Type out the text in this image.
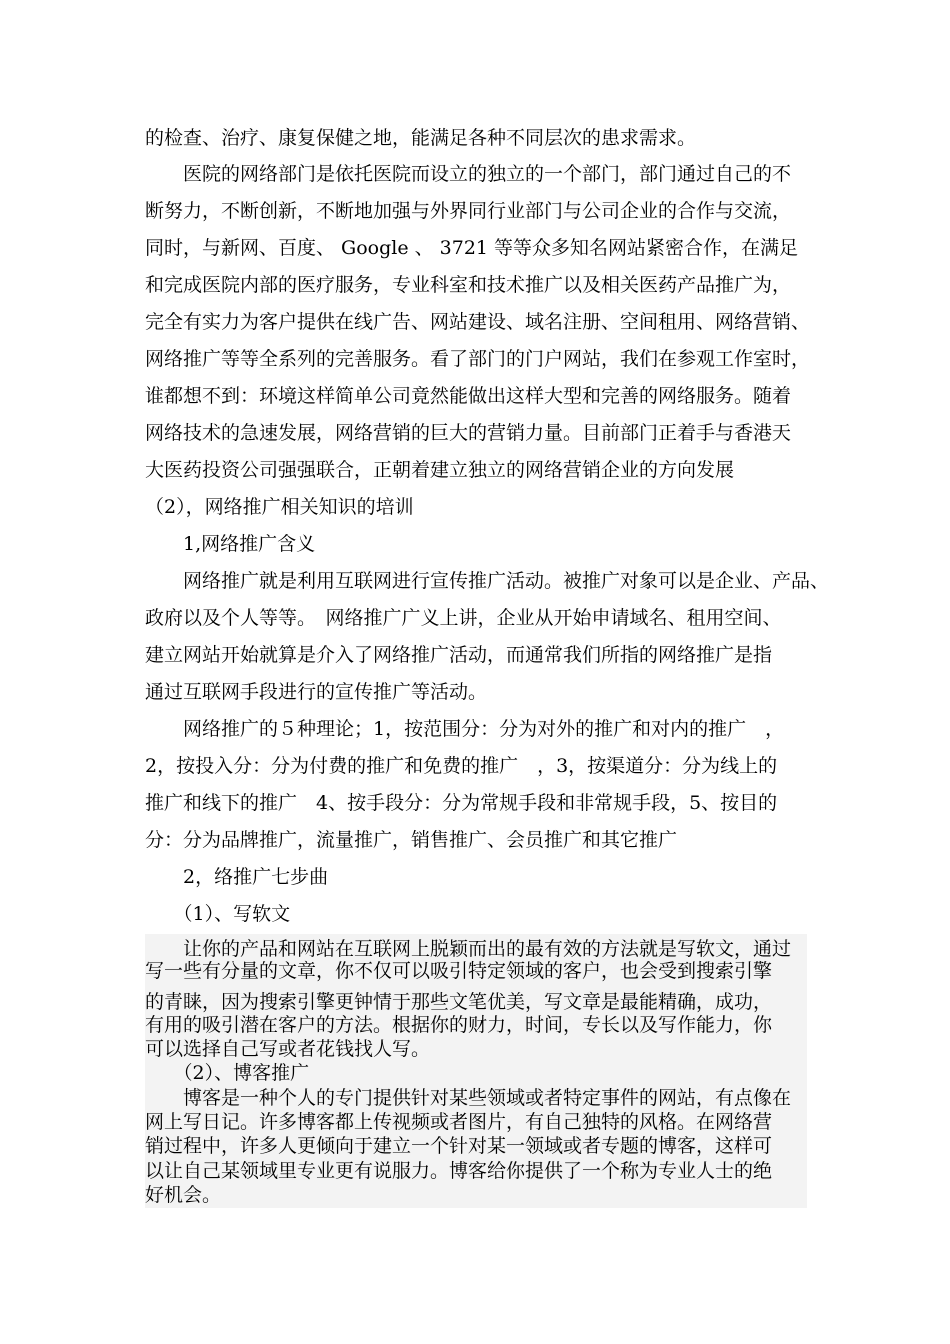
的检查、治疗、康复保健之地，能满足各种不同层次的患求需求。
　　医院的网络部门是依托医院而设立的独立的一个部门，部门通过自己的不
断努力，不断创新，不断地加强与外界同行业部门与公司企业的合作与交流，
同时，与新网、百度、 Google 、 3721 等等众多知名网站紧密合作，在满足
和完成医院内部的医疗服务，专业科室和技术推广以及相关医药产品推广为，
完全有实力为客户提供在线广告、网站建设、域名注册、空间租用、网络营销、
网络推广等等全系列的完善服务。看了部门的门户网站，我们在参观工作室时，
谁都想不到：环境这样简单公司竟然能做出这样大型和完善的网络服务。随着
网络技术的急速发展，网络营销的巨大的营销力量。目前部门正着手与香港天
大医药投资公司强强联合，正朝着建立独立的网络营销企业的方向发展
（2），网络推广相关知识的培训
　　1,网络推广含义
　　网络推广就是利用互联网进行宣传推广活动。被推广对象可以是企业、产品、
政府以及个人等等。　网络推广广义上讲，企业从开始申请域名、租用空间、
建立网站开始就算是介入了网络推广活动，而通常我们所指的网络推广是指
通过互联网手段进行的宣传推广等活动。
　　网络推广的５种理论；1，按范围分：分为对外的推广和对内的推广　，
2，按投入分：分为付费的推广和免费的推广　，3，按渠道分：分为线上的
推广和线下的推广　4、按手段分：分为常规手段和非常规手段，5、按目的
分：分为品牌推广，流量推广，销售推广、会员推广和其它推广
　　2，络推广七步曲
　　（1）、写软文
　　让你的产品和网站在互联网上脱颖而出的最有效的方法就是写软文，通过
写一些有分量的文章，你不仅可以吸引特定领域的客户，也会受到搜索引擎
的青睐，因为搜索引擎更钟情于那些文笔优美，写文章是最能精确，成功，
有用的吸引潜在客户的方法。根据你的财力，时间，专长以及写作能力，你
可以选择自己写或者花钱找人写。
　　（2）、博客推广
　　博客是一种个人的专门提供针对某些领域或者特定事件的网站，有点像在
网上写日记。许多博客都上传视频或者图片，有自己独特的风格。在网络营
销过程中，许多人更倾向于建立一个针对某一领域或者专题的博客，这样可
以让自己某领域里专业更有说服力。博客给你提供了一个称为专业人士的绝
好机会。
